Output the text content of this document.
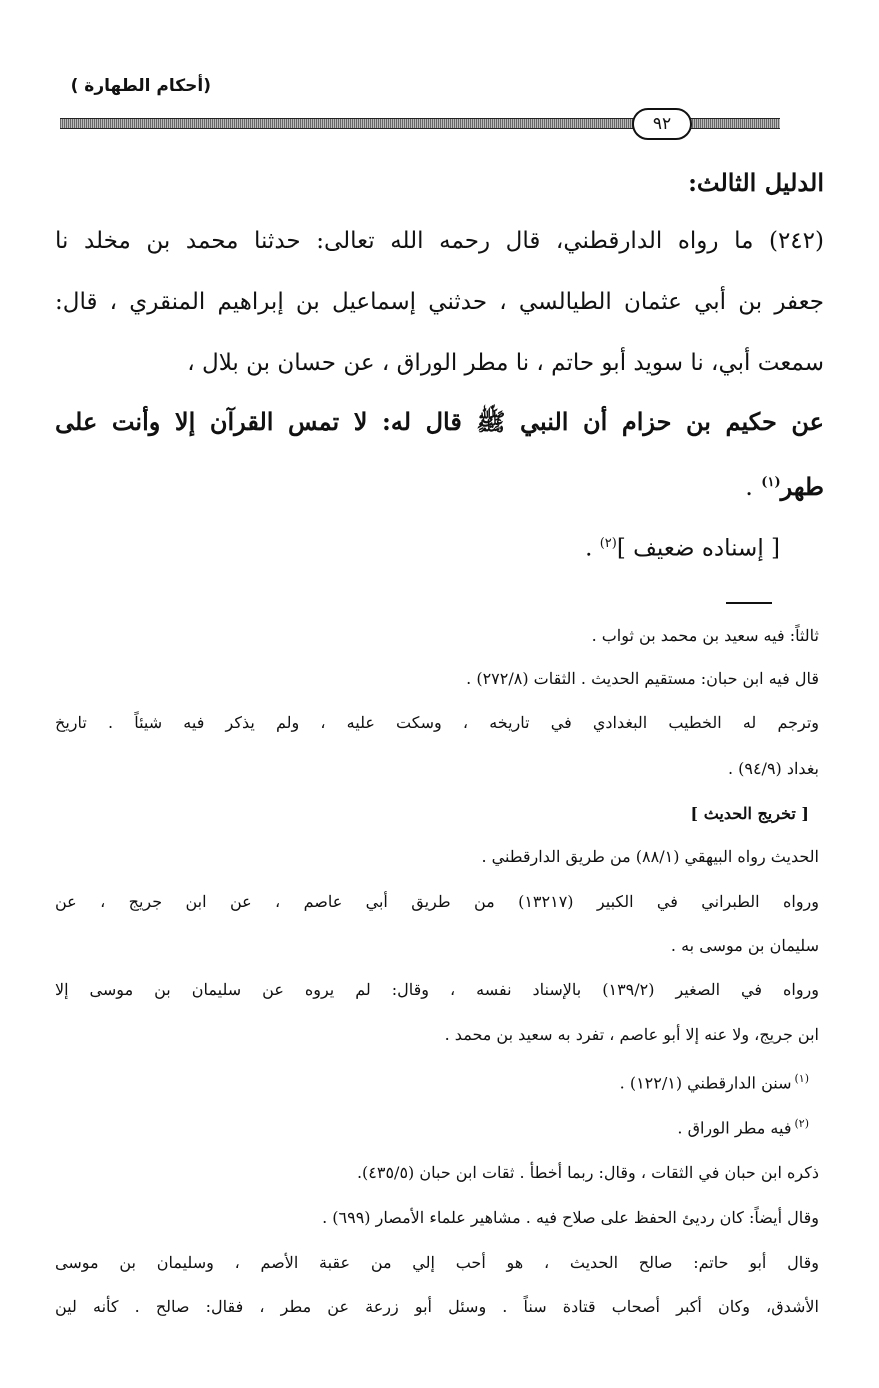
(أحكام الطهارة )
٩٢
الدليل الثالث:
(٢٤٢) ما رواه الدارقطني، قال رحمه الله تعالى: حدثنا محمد بن مخلد نا
جعفر بن أبي عثمان الطيالسي ، حدثني إسماعيل بن إبراهيم المنقري ، قال:
سمعت أبي، نا سويد أبو حاتم ، نا مطر الوراق ، عن حسان بن بلال ،
عن حكيم بن حزام أن النبي ﷺ قال له: لا تمس القرآن إلا وأنت على
طهر$^{(١)}$ .
[ إسناده ضعيف ]$^{(٢)}$ .
ثالثاً: فيه سعيد بن محمد بن ثواب .
قال فيه ابن حبان: مستقيم الحديث . الثقات (٢٧٢/٨) .
وترجم له الخطيب البغدادي في تاريخه ، وسكت عليه ، ولم يذكر فيه شيئاً . تاريخ
بغداد (٩٤/٩) .
[ تخريج الحديث ]
الحديث رواه البيهقي (٨٨/١) من طريق الدارقطني .
ورواه الطبراني في الكبير (١٣٢١٧) من طريق أبي عاصم ، عن ابن جريج ، عن
سليمان بن موسى به .
ورواه في الصغير (١٣٩/٢) بالإسناد نفسه ، وقال: لم يروه عن سليمان بن موسى إلا
ابن جريج، ولا عنه إلا أبو عاصم ، تفرد به سعيد بن محمد .
$^{(١)}$سنن الدارقطني (١٢٢/١) .
$^{(٢)}$فيه مطر الوراق .
ذكره ابن حبان في الثقات ، وقال: ربما أخطأ . ثقات ابن حبان (٤٣٥/٥).
وقال أيضاً: كان رديئ الحفظ على صلاح فيه . مشاهير علماء الأمصار (٦٩٩) .
وقال أبو حاتم: صالح الحديث ، هو أحب إلي من عقبة الأصم ، وسليمان بن موسى
الأشدق، وكان أكبر أصحاب قتادة سناً . وسئل أبو زرعة عن مطر ، فقال: صالح . كأنه لين
